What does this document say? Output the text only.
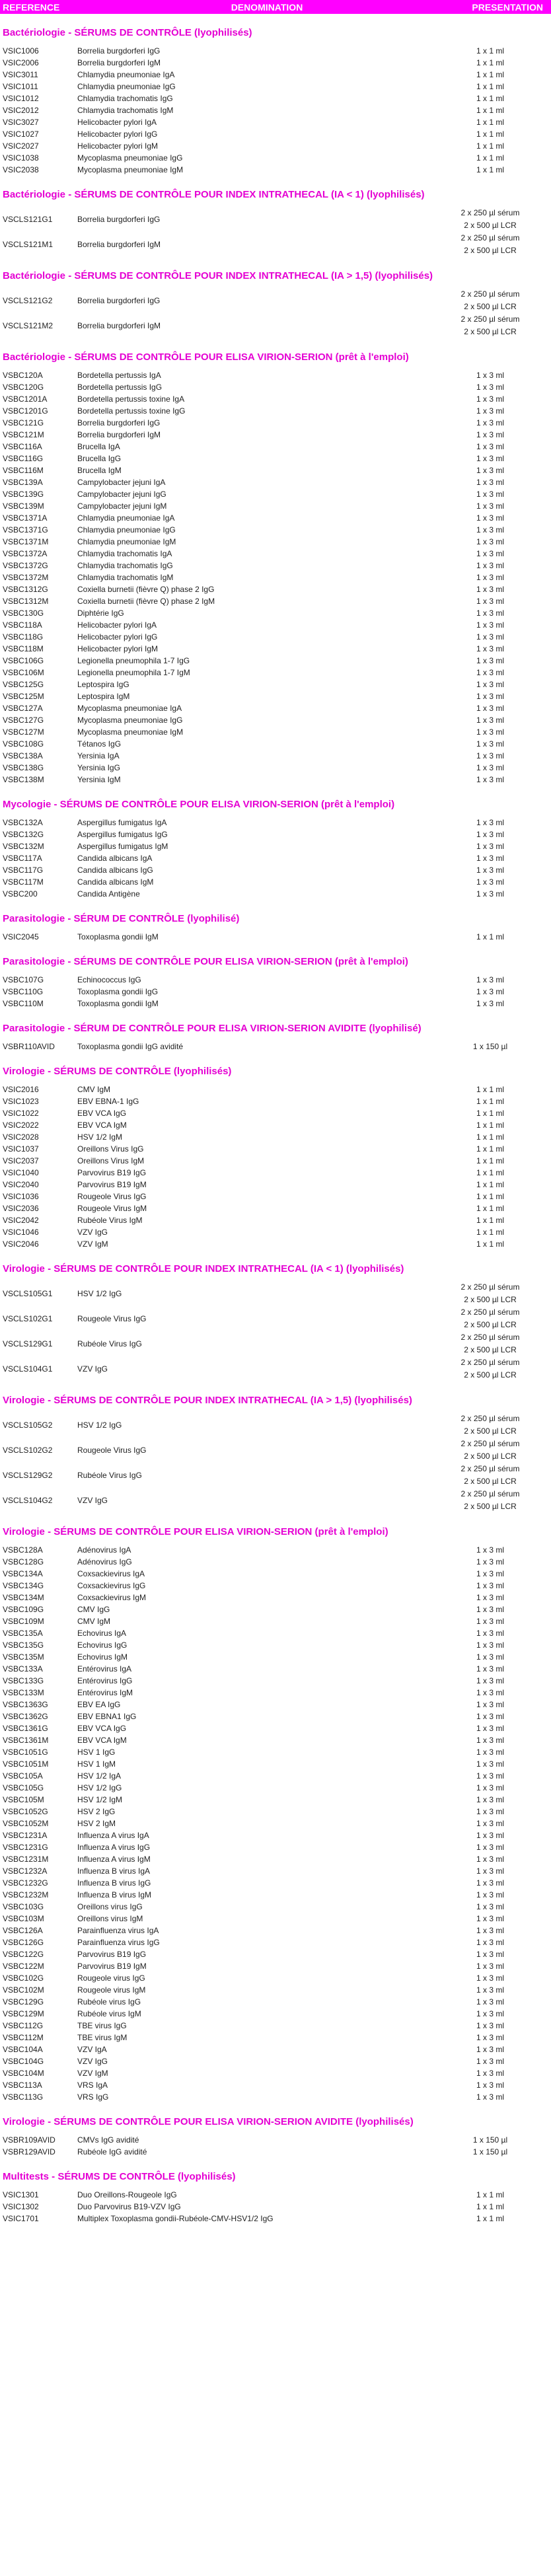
REFERENCE	DENOMINATION	PRESENTATION
Bactériologie - SÉRUMS DE CONTRÔLE (lyophilisés)
VSIC1006	Borrelia burgdorferi IgG	1 x 1 ml
VSIC2006	Borrelia burgdorferi IgM	1 x 1 ml
VSIC3011	Chlamydia pneumoniae IgA	1 x 1 ml
VSIC1011	Chlamydia pneumoniae IgG	1 x 1 ml
VSIC1012	Chlamydia trachomatis IgG	1 x 1 ml
VSIC2012	Chlamydia trachomatis IgM	1 x 1 ml
VSIC3027	Helicobacter pylori IgA	1 x 1 ml
VSIC1027	Helicobacter pylori IgG	1 x 1 ml
VSIC2027	Helicobacter pylori IgM	1 x 1 ml
VSIC1038	Mycoplasma pneumoniae IgG	1 x 1 ml
VSIC2038	Mycoplasma pneumoniae IgM	1 x 1 ml
Bactériologie - SÉRUMS DE CONTRÔLE POUR INDEX INTRATHECAL (IA < 1) (lyophilisés)
VSCLS121G1	Borrelia burgdorferi IgG
2 x 250 µl sérum
2 x 500 µl LCR
VSCLS121M1	Borrelia burgdorferi IgM
2 x 250 µl sérum
2 x 500 µl LCR
Bactériologie - SÉRUMS DE CONTRÔLE POUR INDEX INTRATHECAL (IA > 1,5) (lyophilisés)
VSCLS121G2	Borrelia burgdorferi IgG
2 x 250 µl sérum
2 x 500 µl LCR
VSCLS121M2	Borrelia burgdorferi IgM
2 x 250 µl sérum
2 x 500 µl LCR
Bactériologie - SÉRUMS DE CONTRÔLE POUR ELISA VIRION-SERION (prêt à l'emploi)
VSBC120A	Bordetella pertussis IgA	1 x 3 ml
VSBC120G	Bordetella pertussis IgG	1 x 3 ml
VSBC1201A	Bordetella pertussis toxine IgA	1 x 3 ml
VSBC1201G	Bordetella pertussis toxine IgG	1 x 3 ml
VSBC121G	Borrelia burgdorferi IgG	1 x 3 ml
VSBC121M	Borrelia burgdorferi IgM	1 x 3 ml
VSBC116A	Brucella IgA	1 x 3 ml
VSBC116G	Brucella IgG	1 x 3 ml
VSBC116M	Brucella IgM	1 x 3 ml
VSBC139A	Campylobacter jejuni IgA	1 x 3 ml
VSBC139G	Campylobacter jejuni IgG	1 x 3 ml
VSBC139M	Campylobacter jejuni IgM	1 x 3 ml
VSBC1371A	Chlamydia pneumoniae IgA	1 x 3 ml
VSBC1371G	Chlamydia pneumoniae IgG	1 x 3 ml
VSBC1371M	Chlamydia pneumoniae IgM	1 x 3 ml
VSBC1372A	Chlamydia trachomatis IgA	1 x 3 ml
VSBC1372G	Chlamydia trachomatis IgG	1 x 3 ml
VSBC1372M	Chlamydia trachomatis IgM	1 x 3 ml
VSBC1312G	Coxiella burnetii (fièvre Q) phase 2 IgG	1 x 3 ml
VSBC1312M	Coxiella burnetii (fièvre Q) phase 2 IgM	1 x 3 ml
VSBC130G	Diphtérie IgG	1 x 3 ml
VSBC118A	Helicobacter pylori IgA	1 x 3 ml
VSBC118G	Helicobacter pylori IgG	1 x 3 ml
VSBC118M	Helicobacter pylori IgM	1 x 3 ml
VSBC106G	Legionella pneumophila 1-7 IgG	1 x 3 ml
VSBC106M	Legionella pneumophila 1-7 IgM	1 x 3 ml
VSBC125G	Leptospira IgG	1 x 3 ml
VSBC125M	Leptospira IgM	1 x 3 ml
VSBC127A	Mycoplasma pneumoniae IgA	1 x 3 ml
VSBC127G	Mycoplasma pneumoniae IgG	1 x 3 ml
VSBC127M	Mycoplasma pneumoniae IgM	1 x 3 ml
VSBC108G	Tétanos IgG	1 x 3 ml
VSBC138A	Yersinia IgA	1 x 3 ml
VSBC138G	Yersinia IgG	1 x 3 ml
VSBC138M	Yersinia IgM	1 x 3 ml
Mycologie - SÉRUMS DE CONTRÔLE POUR ELISA VIRION-SERION (prêt à l'emploi)
VSBC132A	Aspergillus fumigatus IgA	1 x 3 ml
VSBC132G	Aspergillus fumigatus IgG	1 x 3 ml
VSBC132M	Aspergillus fumigatus IgM	1 x 3 ml
VSBC117A	Candida albicans IgA	1 x 3 ml
VSBC117G	Candida albicans IgG	1 x 3 ml
VSBC117M	Candida albicans IgM	1 x 3 ml
VSBC200	Candida Antigène	1 x 3 ml
Parasitologie - SÉRUM DE CONTRÔLE (lyophilisé)
VSIC2045	Toxoplasma gondii IgM	1 x 1 ml
Parasitologie - SÉRUMS DE CONTRÔLE POUR ELISA VIRION-SERION (prêt à l'emploi)
VSBC107G	Echinococcus IgG	1 x 3 ml
VSBC110G	Toxoplasma gondii IgG	1 x 3 ml
VSBC110M	Toxoplasma gondii IgM	1 x 3 ml
Parasitologie - SÉRUM DE CONTRÔLE POUR ELISA VIRION-SERION AVIDITE (lyophilisé)
VSBR110AVID	Toxoplasma gondii IgG avidité	1 x 150 µl
Virologie - SÉRUMS DE CONTRÔLE (lyophilisés)
VSIC2016	CMV IgM	1 x 1 ml
VSIC1023	EBV EBNA-1 IgG	1 x 1 ml
VSIC1022	EBV VCA IgG	1 x 1 ml
VSIC2022	EBV VCA IgM	1 x 1 ml
VSIC2028	HSV 1/2 IgM	1 x 1 ml
VSIC1037	Oreillons Virus IgG	1 x 1 ml
VSIC2037	Oreillons Virus IgM	1 x 1 ml
VSIC1040	Parvovirus B19 IgG	1 x 1 ml
VSIC2040	Parvovirus B19 IgM	1 x 1 ml
VSIC1036	Rougeole Virus IgG	1 x 1 ml
VSIC2036	Rougeole Virus IgM	1 x 1 ml
VSIC2042	Rubéole Virus IgM	1 x 1 ml
VSIC1046	VZV IgG	1 x 1 ml
VSIC2046	VZV IgM	1 x 1 ml
Virologie - SÉRUMS DE CONTRÔLE POUR INDEX INTRATHECAL (IA < 1) (lyophilisés)
VSCLS105G1	HSV 1/2 IgG
2 x 250 µl sérum
2 x 500 µl LCR
VSCLS102G1	Rougeole Virus IgG
2 x 250 µl sérum
2 x 500 µl LCR
VSCLS129G1	Rubéole Virus IgG
2 x 250 µl sérum
2 x 500 µl LCR
VSCLS104G1	VZV IgG
2 x 250 µl sérum
2 x 500 µl LCR
Virologie - SÉRUMS DE CONTRÔLE POUR INDEX INTRATHECAL (IA > 1,5) (lyophilisés)
VSCLS105G2	HSV 1/2 IgG
2 x 250 µl sérum
2 x 500 µl LCR
VSCLS102G2	Rougeole Virus IgG
2 x 250 µl sérum
2 x 500 µl LCR
VSCLS129G2	Rubéole Virus IgG
2 x 250 µl sérum
2 x 500 µl LCR
VSCLS104G2	VZV IgG
2 x 250 µl sérum
2 x 500 µl LCR
Virologie - SÉRUMS DE CONTRÔLE POUR ELISA VIRION-SERION (prêt à l'emploi)
VSBC128A	Adénovirus IgA	1 x 3 ml
VSBC128G	Adénovirus IgG	1 x 3 ml
VSBC134A	Coxsackievirus IgA	1 x 3 ml
VSBC134G	Coxsackievirus IgG	1 x 3 ml
VSBC134M	Coxsackievirus IgM	1 x 3 ml
VSBC109G	CMV IgG	1 x 3 ml
VSBC109M	CMV IgM	1 x 3 ml
VSBC135A	Echovirus IgA	1 x 3 ml
VSBC135G	Echovirus IgG	1 x 3 ml
VSBC135M	Echovirus IgM	1 x 3 ml
VSBC133A	Entérovirus IgA	1 x 3 ml
VSBC133G	Entérovirus IgG	1 x 3 ml
VSBC133M	Entérovirus IgM	1 x 3 ml
VSBC1363G	EBV EA IgG	1 x 3 ml
VSBC1362G	EBV EBNA1 IgG	1 x 3 ml
VSBC1361G	EBV VCA IgG	1 x 3 ml
VSBC1361M	EBV VCA IgM	1 x 3 ml
VSBC1051G	HSV 1 IgG	1 x 3 ml
VSBC1051M	HSV 1 IgM	1 x 3 ml
VSBC105A	HSV 1/2 IgA	1 x 3 ml
VSBC105G	HSV 1/2 IgG	1 x 3 ml
VSBC105M	HSV 1/2 IgM	1 x 3 ml
VSBC1052G	HSV 2 IgG	1 x 3 ml
VSBC1052M	HSV 2 IgM	1 x 3 ml
VSBC1231A	Influenza A virus IgA	1 x 3 ml
VSBC1231G	Influenza A virus IgG	1 x 3 ml
VSBC1231M	Influenza A virus IgM	1 x 3 ml
VSBC1232A	Influenza B virus IgA	1 x 3 ml
VSBC1232G	Influenza B virus IgG	1 x 3 ml
VSBC1232M	Influenza B virus IgM	1 x 3 ml
VSBC103G	Oreillons virus IgG	1 x 3 ml
VSBC103M	Oreillons virus IgM	1 x 3 ml
VSBC126A	Parainfluenza virus IgA	1 x 3 ml
VSBC126G	Parainfluenza virus IgG	1 x 3 ml
VSBC122G	Parvovirus B19 IgG	1 x 3 ml
VSBC122M	Parvovirus B19 IgM	1 x 3 ml
VSBC102G	Rougeole virus IgG	1 x 3 ml
VSBC102M	Rougeole virus IgM	1 x 3 ml
VSBC129G	Rubéole virus IgG	1 x 3 ml
VSBC129M	Rubéole virus IgM	1 x 3 ml
VSBC112G	TBE virus IgG	1 x 3 ml
VSBC112M	TBE virus IgM	1 x 3 ml
VSBC104A	VZV IgA	1 x 3 ml
VSBC104G	VZV IgG	1 x 3 ml
VSBC104M	VZV IgM	1 x 3 ml
VSBC113A	VRS IgA	1 x 3 ml
VSBC113G	VRS IgG	1 x 3 ml
Virologie - SÉRUMS DE CONTRÔLE POUR ELISA VIRION-SERION AVIDITE (lyophilisés)
VSBR109AVID	CMVs IgG avidité	1 x 150 µl
VSBR129AVID	Rubéole IgG avidité	1 x 150 µl
Multitests - SÉRUMS DE CONTRÔLE (lyophilisés)
VSIC1301	Duo Oreillons-Rougeole IgG	1 x 1 ml
VSIC1302	Duo Parvovirus B19-VZV IgG	1 x 1 ml
VSIC1701	Multiplex Toxoplasma gondii-Rubéole-CMV-HSV1/2 IgG	1 x 1 ml
